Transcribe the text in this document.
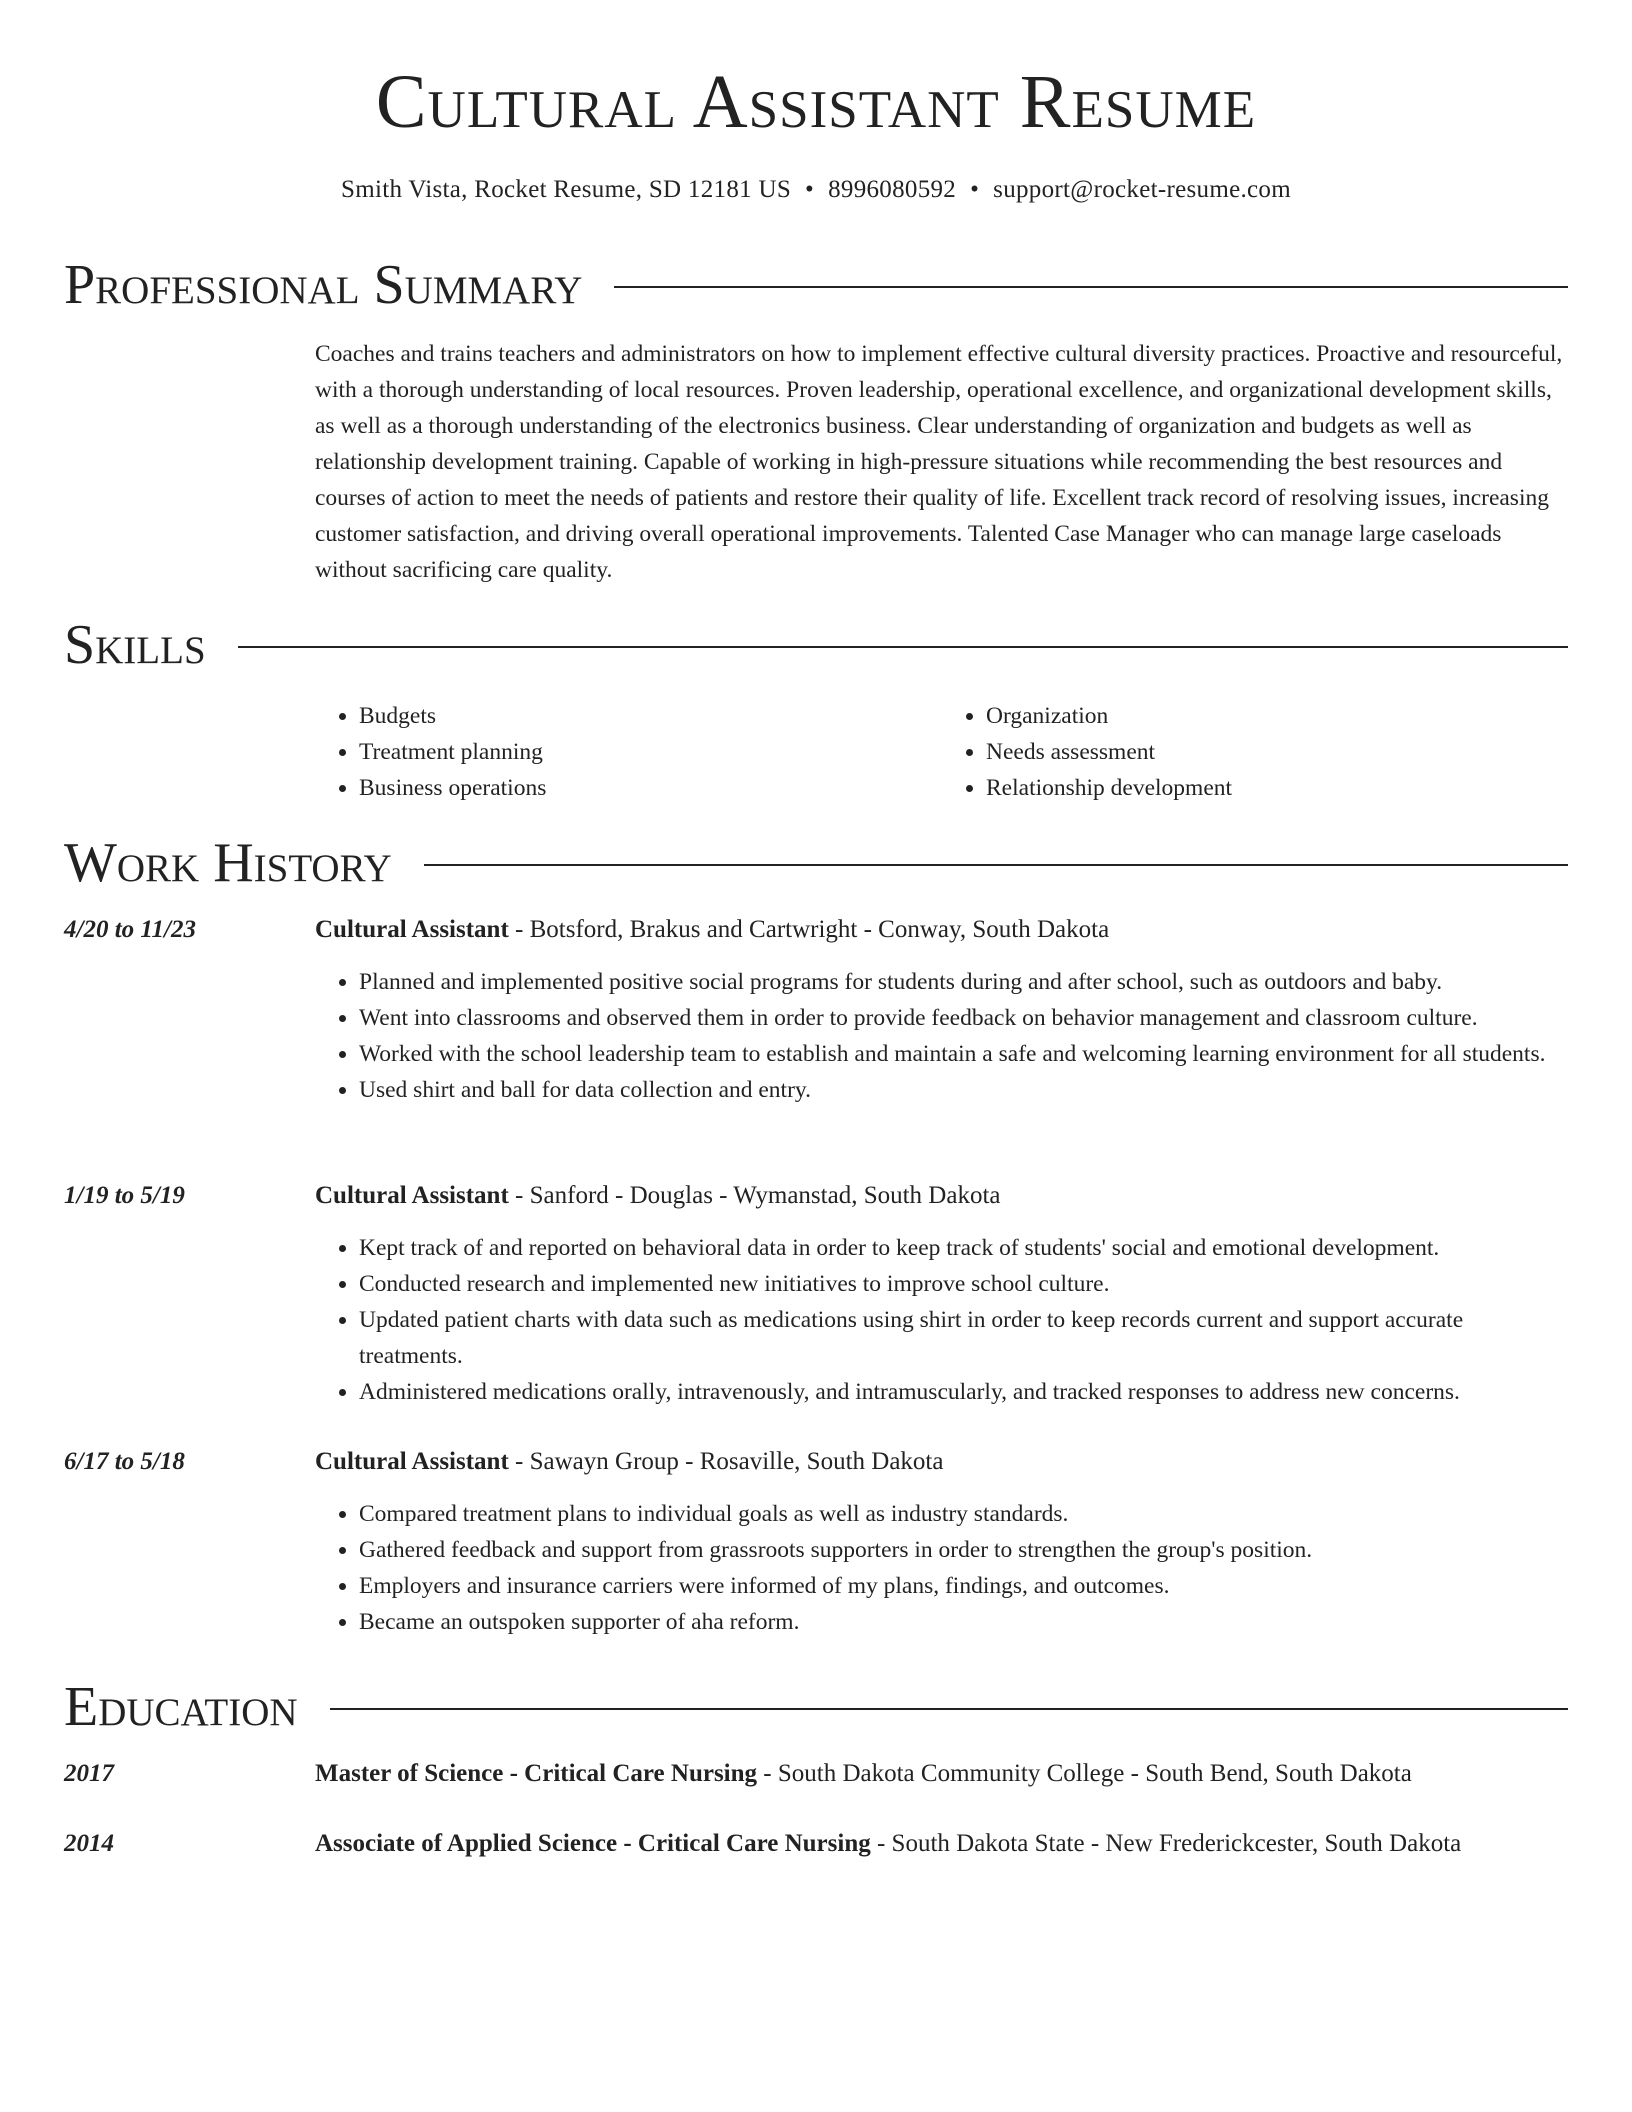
Cultural Assistant Resume
Smith Vista, Rocket Resume, SD 12181 US • 8996080592 • support@rocket-resume.com
Professional Summary
Coaches and trains teachers and administrators on how to implement effective cultural diversity practices. Proactive and resourceful, with a thorough understanding of local resources. Proven leadership, operational excellence, and organizational development skills, as well as a thorough understanding of the electronics business. Clear understanding of organization and budgets as well as relationship development training. Capable of working in high-pressure situations while recommending the best resources and courses of action to meet the needs of patients and restore their quality of life. Excellent track record of resolving issues, increasing customer satisfaction, and driving overall operational improvements. Talented Case Manager who can manage large caseloads without sacrificing care quality.
Skills
• Budgets
• Treatment planning
• Business operations
• Organization
• Needs assessment
• Relationship development
Work History
4/20 to 11/23	Cultural Assistant - Botsford, Brakus and Cartwright - Conway, South Dakota
• Planned and implemented positive social programs for students during and after school, such as outdoors and baby.
• Went into classrooms and observed them in order to provide feedback on behavior management and classroom culture.
• Worked with the school leadership team to establish and maintain a safe and welcoming learning environment for all students.
• Used shirt and ball for data collection and entry.
1/19 to 5/19	Cultural Assistant - Sanford - Douglas - Wymanstad, South Dakota
• Kept track of and reported on behavioral data in order to keep track of students' social and emotional development.
• Conducted research and implemented new initiatives to improve school culture.
• Updated patient charts with data such as medications using shirt in order to keep records current and support accurate treatments.
• Administered medications orally, intravenously, and intramuscularly, and tracked responses to address new concerns.
6/17 to 5/18	Cultural Assistant - Sawayn Group - Rosaville, South Dakota
• Compared treatment plans to individual goals as well as industry standards.
• Gathered feedback and support from grassroots supporters in order to strengthen the group's position.
• Employers and insurance carriers were informed of my plans, findings, and outcomes.
• Became an outspoken supporter of aha reform.
Education
2017	Master of Science - Critical Care Nursing - South Dakota Community College - South Bend, South Dakota
2014	Associate of Applied Science - Critical Care Nursing - South Dakota State - New Frederickcester, South Dakota
